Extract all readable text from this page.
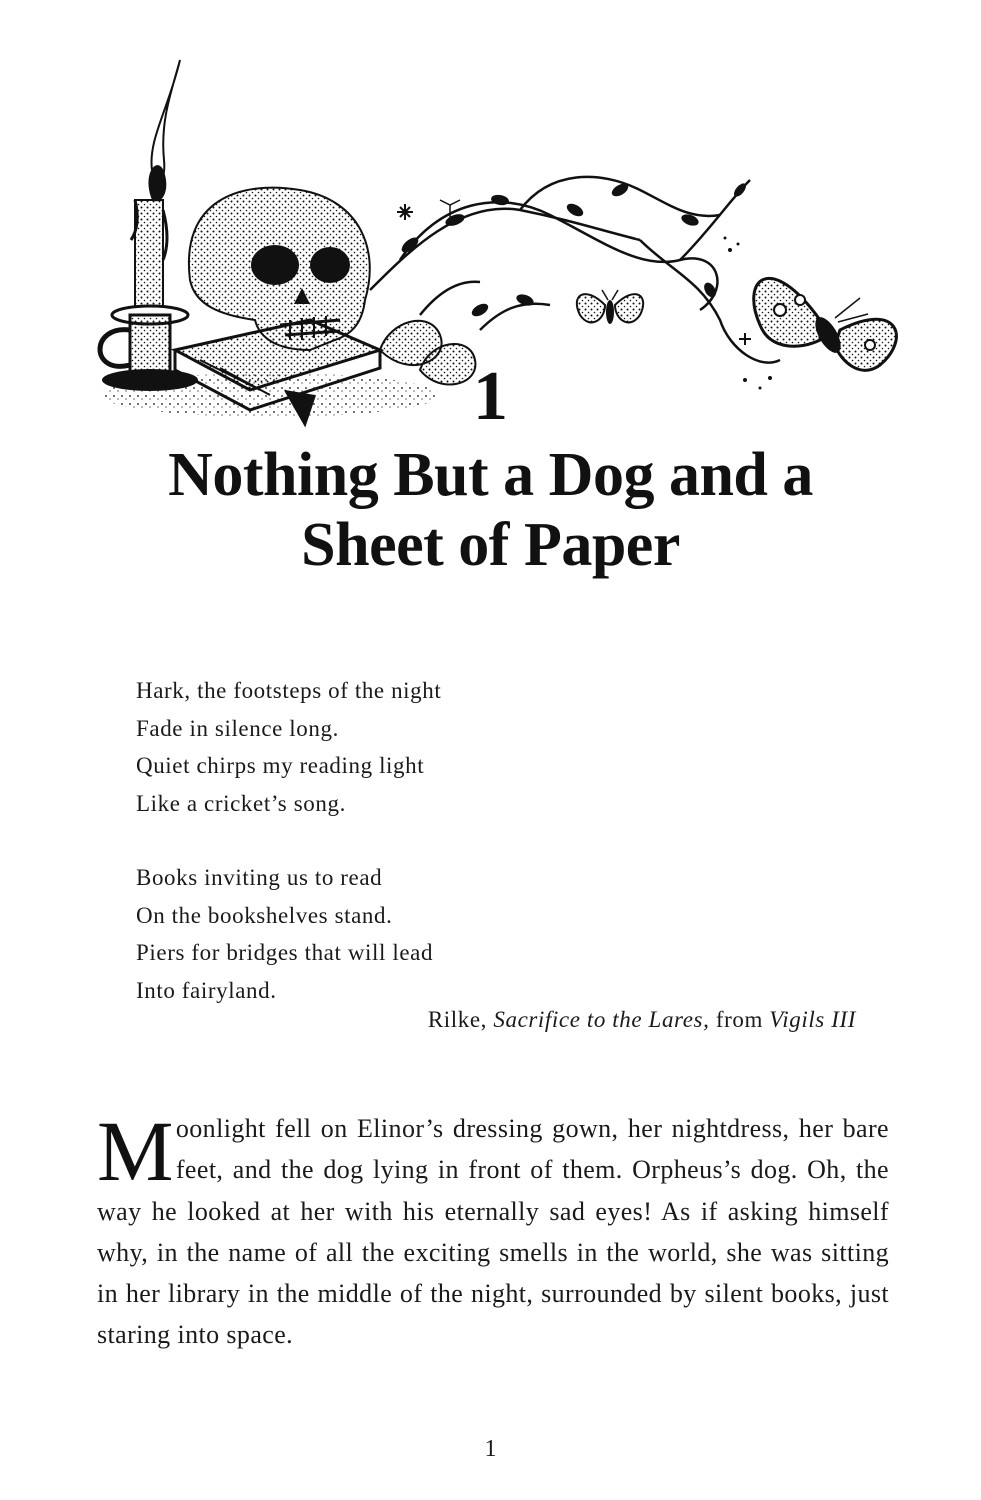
1
Nothing But a Dog and a
Sheet of Paper
Hark, the footsteps of the night
Fade in silence long.
Quiet chirps my reading light
Like a cricket’s song.
Books inviting us to read
On the bookshelves stand.
Piers for bridges that will lead
Into fairyland.
Rilke, Sacrifice to the Lares, from Vigils III
Moonlight fell on Elinor’s dressing gown, her nightdress, her bare feet, and the dog lying in front of them. Orpheus’s dog. Oh, the way he looked at her with his eternally sad eyes! As if asking himself why, in the name of all the exciting smells in the world, she was sitting in her library in the middle of the night, surrounded by silent books, just staring into space.
1
